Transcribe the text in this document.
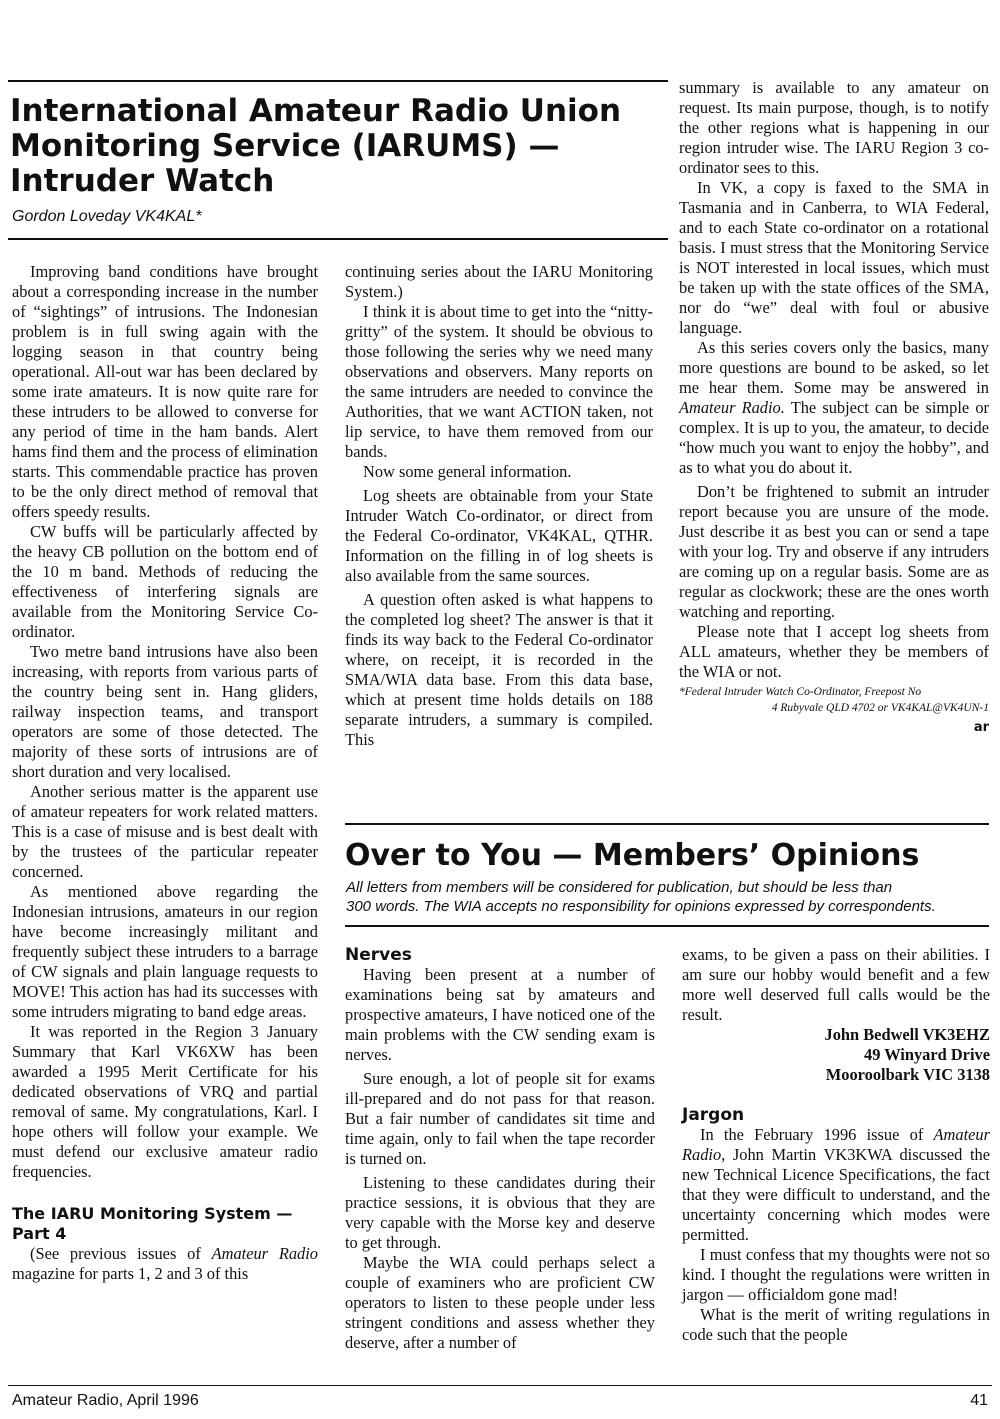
International Amateur Radio Union
Monitoring Service (IARUMS) —
Intruder Watch
Gordon Loveday VK4KAL*

Improving band conditions have brought about a corresponding increase in the number of “sightings” of intrusions. The Indonesian problem is in full swing again with the logging season in that country being operational. All-out war has been declared by some irate amateurs. It is now quite rare for these intruders to be allowed to converse for any period of time in the ham bands. Alert hams find them and the process of elimination starts. This commendable practice has proven to be the only direct method of removal that offers speedy results.

CW buffs will be particularly affected by the heavy CB pollution on the bottom end of the 10 m band. Methods of reducing the effectiveness of interfering signals are available from the Monitoring Service Co-ordinator.

Two metre band intrusions have also been increasing, with reports from various parts of the country being sent in. Hang gliders, railway inspection teams, and transport operators are some of those detected. The majority of these sorts of intrusions are of short duration and very localised.

Another serious matter is the apparent use of amateur repeaters for work related matters. This is a case of misuse and is best dealt with by the trustees of the particular repeater concerned.

As mentioned above regarding the Indonesian intrusions, amateurs in our region have become increasingly militant and frequently subject these intruders to a barrage of CW signals and plain language requests to MOVE! This action has had its successes with some intruders migrating to band edge areas.

It was reported in the Region 3 January Summary that Karl VK6XW has been awarded a 1995 Merit Certificate for his dedicated observations of VRQ and partial removal of same. My congratulations, Karl. I hope others will follow your example. We must defend our exclusive amateur radio frequencies.

The IARU Monitoring System — Part 4

(See previous issues of Amateur Radio magazine for parts 1, 2 and 3 of this

continuing series about the IARU Monitoring System.)

I think it is about time to get into the “nitty-gritty” of the system. It should be obvious to those following the series why we need many observations and observers. Many reports on the same intruders are needed to convince the Authorities, that we want ACTION taken, not lip service, to have them removed from our bands.

Now some general information.

Log sheets are obtainable from your State Intruder Watch Co-ordinator, or direct from the Federal Co-ordinator, VK4KAL, QTHR. Information on the filling in of log sheets is also available from the same sources.

A question often asked is what happens to the completed log sheet? The answer is that it finds its way back to the Federal Co-ordinator where, on receipt, it is recorded in the SMA/WIA data base. From this data base, which at present time holds details on 188 separate intruders, a summary is compiled. This

summary is available to any amateur on request. Its main purpose, though, is to notify the other regions what is happening in our region intruder wise. The IARU Region 3 co-ordinator sees to this.

In VK, a copy is faxed to the SMA in Tasmania and in Canberra, to WIA Federal, and to each State co-ordinator on a rotational basis. I must stress that the Monitoring Service is NOT interested in local issues, which must be taken up with the state offices of the SMA, nor do “we” deal with foul or abusive language.

As this series covers only the basics, many more questions are bound to be asked, so let me hear them. Some may be answered in Amateur Radio. The subject can be simple or complex. It is up to you, the amateur, to decide “how much you want to enjoy the hobby”, and as to what you do about it.

Don’t be frightened to submit an intruder report because you are unsure of the mode. Just describe it as best you can or send a tape with your log. Try and observe if any intruders are coming up on a regular basis. Some are as regular as clockwork; these are the ones worth watching and reporting.

Please note that I accept log sheets from ALL amateurs, whether they be members of the WIA or not.

*Federal Intruder Watch Co-Ordinator, Freepost No
4 Rubyvale QLD 4702 or VK4KAL@VK4UN-1
ar
Over to You — Members’ Opinions
All letters from members will be considered for publication, but should be less than
300 words. The WIA accepts no responsibility for opinions expressed by correspondents.
Nerves

Having been present at a number of examinations being sat by amateurs and prospective amateurs, I have noticed one of the main problems with the CW sending exam is nerves.

Sure enough, a lot of people sit for exams ill-prepared and do not pass for that reason. But a fair number of candidates sit time and time again, only to fail when the tape recorder is turned on.

Listening to these candidates during their practice sessions, it is obvious that they are very capable with the Morse key and deserve to get through.

Maybe the WIA could perhaps select a couple of examiners who are proficient CW operators to listen to these people under less stringent conditions and assess whether they deserve, after a number of

exams, to be given a pass on their abilities. I am sure our hobby would benefit and a few more well deserved full calls would be the result.

John Bedwell VK3EHZ
49 Winyard Drive
Mooroolbark VIC 3138
Jargon

In the February 1996 issue of Amateur Radio, John Martin VK3KWA discussed the new Technical Licence Specifications, the fact that they were difficult to understand, and the uncertainty concerning which modes were permitted.

I must confess that my thoughts were not so kind. I thought the regulations were written in jargon — officialdom gone mad!

What is the merit of writing regulations in code such that the people

Amateur Radio, April 1996	41
